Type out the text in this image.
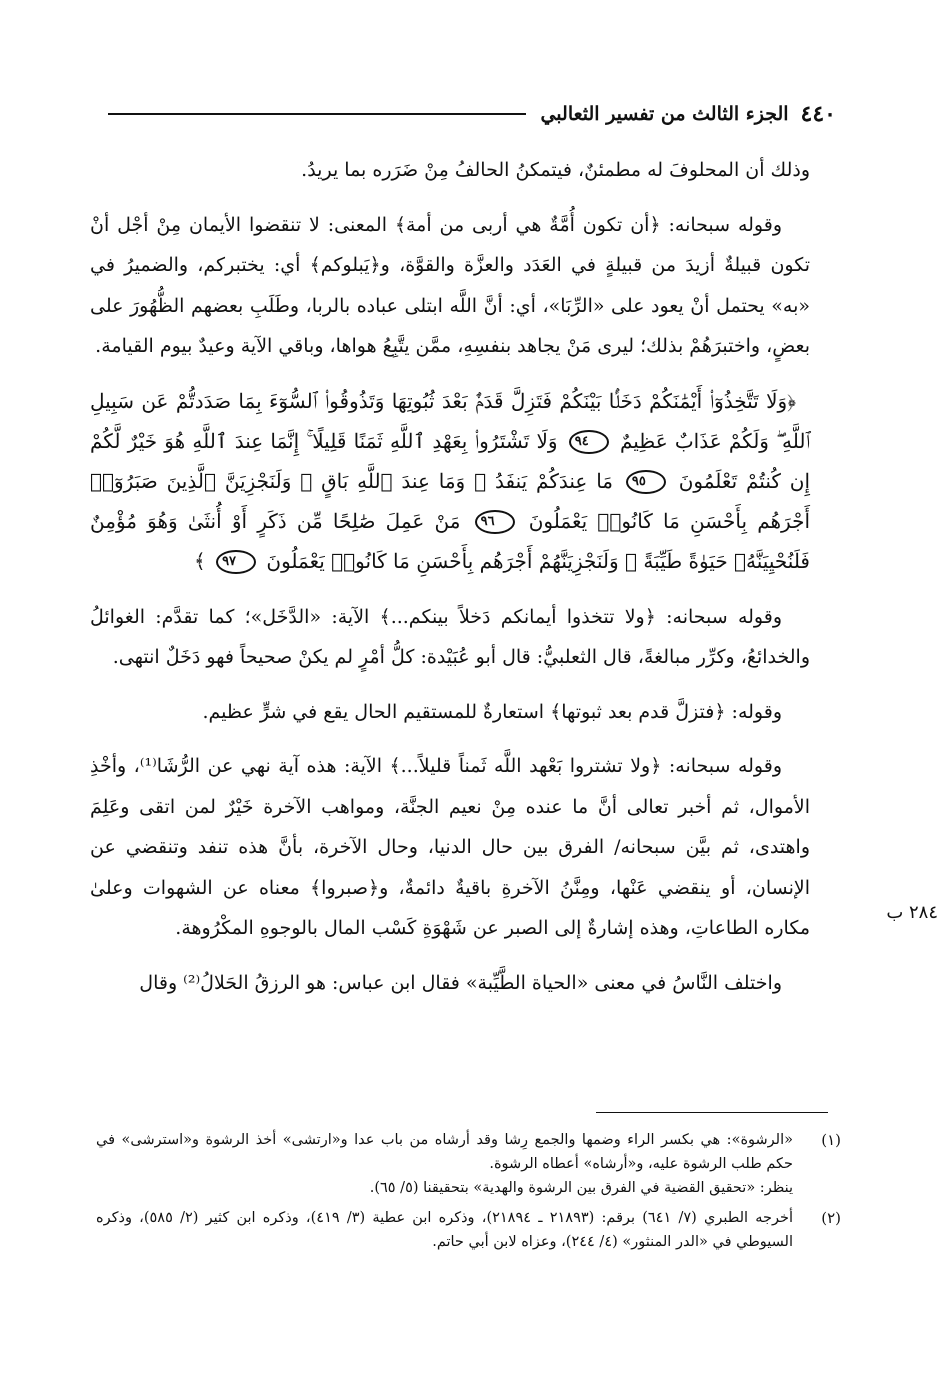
٤٤٠
الجزء الثالث من تفسير الثعالبي
٢٨٤ ب

وذلك أن المحلوفَ له مطمئنٌ، فيتمكنُ الحالفُ مِنْ ضَرَره بما يريدُ.

وقوله سبحانه: ﴿أن تكون أُمَّةٌ هي أربى من أمة﴾ المعنى: لا تنقضوا الأيمان مِنْ أجْل أنْ تكون قبيلةٌ أزيدَ من قبيلةٍ في العَدَد والعزَّة والقوَّة، و﴿يَبلوكم﴾ أي: يختبركم، والضميرُ في «به» يحتمل أنْ يعود على «الرِّبَا»، أي: أنَّ اللَّه ابتلى عباده بالربا، وطَلَبِ بعضهم الظُّهُورَ على بعضٍ، واختبرَهُمْ بذلك؛ ليرى مَنْ يجاهد بنفسِهِ، ممَّن يتَّبِعُ هواها، وباقي الآية وعيدٌ بيوم القيامة.

﴿وَلَا تَتَّخِذُوٓا۟ أَيْمَٰنَكُمْ دَخَلًۢا بَيْنَكُمْ فَتَزِلَّ قَدَمٌۢ بَعْدَ ثُبُوتِهَا وَتَذُوقُوا۟ ٱلسُّوٓءَ بِمَا صَدَدتُّمْ عَن سَبِيلِ ٱللَّهِ ۖ وَلَكُمْ عَذَابٌ عَظِيمٌ ٩٤ وَلَا تَشْتَرُوا۟ بِعَهْدِ ٱللَّهِ ثَمَنًا قَلِيلًا ۚ إِنَّمَا عِندَ ٱللَّهِ هُوَ خَيْرٌ لَّكُمْ إِن كُنتُمْ تَعْلَمُونَ ٩٥ مَا عِندَكُمْ يَنفَدُ ۖ وَمَا عِندَ ٱللَّهِ بَاقٍ ۗ وَلَنَجْزِيَنَّ ٱلَّذِينَ صَبَرُوٓا۟ أَجْرَهُم بِأَحْسَنِ مَا كَانُوا۟ يَعْمَلُونَ ٩٦ مَنْ عَمِلَ صَٰلِحًا مِّن ذَكَرٍ أَوْ أُنثَىٰ وَهُوَ مُؤْمِنٌ فَلَنُحْيِيَنَّهُۥ حَيَوٰةً طَيِّبَةً ۖ وَلَنَجْزِيَنَّهُمْ أَجْرَهُم بِأَحْسَنِ مَا كَانُوا۟ يَعْمَلُونَ ٩٧ ﴾

وقوله سبحانه: ﴿ولا تتخذوا أيمانكم دَخلاً بينكم...﴾ الآية: «الدَّخَل»؛ كما تقدَّم: الغوائلُ والخدائعُ، وكرِّر مبالغةً، قال الثعلبيُّ: قال أبو عُبَيْدة: كلُّ أمْرٍ لم يكنْ صحيحاً فهو دَخَلٌ انتهى.

وقوله: ﴿فتزلَّ قدم بعد ثبوتها﴾ استعارةٌ للمستقيم الحال يقع في شرٍّ عظيم.

وقوله سبحانه: ﴿ولا تشتروا بَعْهد اللَّه ثَمناً قليلاً...﴾ الآية: هذه آية نهي عن الرُّشَا⁽¹⁾، وأخْذِ الأموال، ثم أخبر تعالى أنَّ ما عنده مِنْ نعيم الجنَّة، ومواهب الآخرة خَيْرٌ لمن اتقى وعَلِمَ واهتدى، ثم بيَّن سبحانه/ الفرق بين حال الدنيا، وحال الآخرة، بأنَّ هذه تنفد وتنقضي عن الإنسان، أو ينقضي عَنْها، ومِنَّنُ الآخرةِ باقيةٌ دائمةٌ، و﴿صبروا﴾ معناه عن الشهوات وعلىٰ مكاره الطاعاتِ، وهذه إشارةٌ إلى الصبر عن شَهْوَةِ كَسْب المال بالوجوهِ المكْرُوهة.

واختلف النَّاسُ في معنى «الحياة الطَّيِّبة» فقال ابن عباس: هو الرزقُ الحَلالُ⁽²⁾ وقال

(١)
«الرشوة»: هي بكسر الراء وضمها والجمع رِشا وقد أرشاه من باب عدا و«ارتشى» أخذ الرشوة و«استرشى» في حكم طلب الرشوة عليه، و«أرشاه» أعطاه الرشوة.
ينظر: «تحقيق القضية في الفرق بين الرشوة والهدية» بتحقيقنا (٥/ ٦٥).
(٢)
أخرجه الطبري (٧/ ٦٤١) برقم: (٢١٨٩٣ ـ ٢١٨٩٤)، وذكره ابن عطية (٣/ ٤١٩)، وذكره ابن كثير (٢/ ٥٨٥)، وذكره السيوطي في «الدر المنثور» (٤/ ٢٤٤)، وعزاه لابن أبي حاتم.
